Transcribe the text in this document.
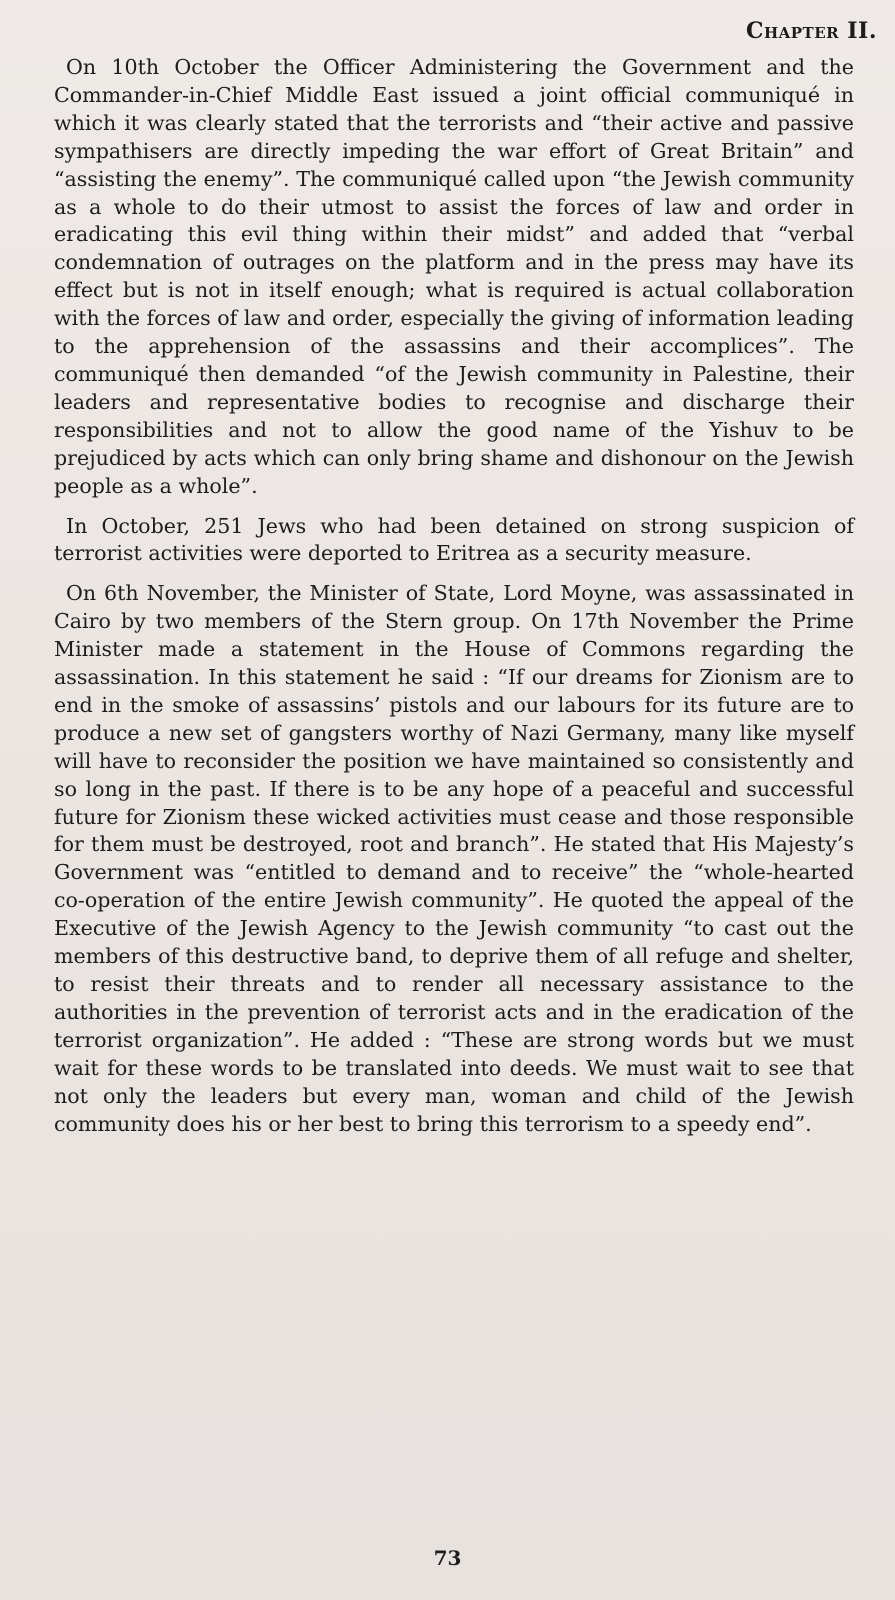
Chapter II.

On 10th October the Officer Administering the Government and the Commander-in-Chief Middle East issued a joint official communiqué in which it was clearly stated that the terrorists and “their active and passive sympathisers are directly impeding the war effort of Great Britain” and “assisting the enemy”. The communiqué called upon “the Jewish community as a whole to do their utmost to assist the forces of law and order in eradicating this evil thing within their midst” and added that “verbal condemnation of outrages on the platform and in the press may have its effect but is not in itself enough; what is required is actual collaboration with the forces of law and order, especially the giving of information leading to the apprehension of the assassins and their accomplices”. The communiqué then demanded “of the Jewish community in Palestine, their leaders and representative bodies to recognise and discharge their responsibilities and not to allow the good name of the Yishuv to be prejudiced by acts which can only bring shame and dishonour on the Jewish people as a whole”.

In October, 251 Jews who had been detained on strong suspicion of terrorist activities were deported to Eritrea as a security measure.

On 6th November, the Minister of State, Lord Moyne, was assassinated in Cairo by two members of the Stern group. On 17th November the Prime Minister made a statement in the House of Commons regarding the assassination. In this statement he said : “If our dreams for Zionism are to end in the smoke of assassins’ pistols and our labours for its future are to produce a new set of gangsters worthy of Nazi Germany, many like myself will have to reconsider the position we have maintained so consistently and so long in the past. If there is to be any hope of a peaceful and successful future for Zionism these wicked activities must cease and those responsible for them must be destroyed, root and branch”. He stated that His Majesty’s Government was “entitled to demand and to receive” the “whole-hearted co-operation of the entire Jewish community”. He quoted the appeal of the Executive of the Jewish Agency to the Jewish community “to cast out the members of this destructive band, to deprive them of all refuge and shelter, to resist their threats and to render all necessary assistance to the authorities in the prevention of terrorist acts and in the eradication of the terrorist organization”. He added : “These are strong words but we must wait for these words to be translated into deeds. We must wait to see that not only the leaders but every man, woman and child of the Jewish community does his or her best to bring this terrorism to a speedy end”.

73
